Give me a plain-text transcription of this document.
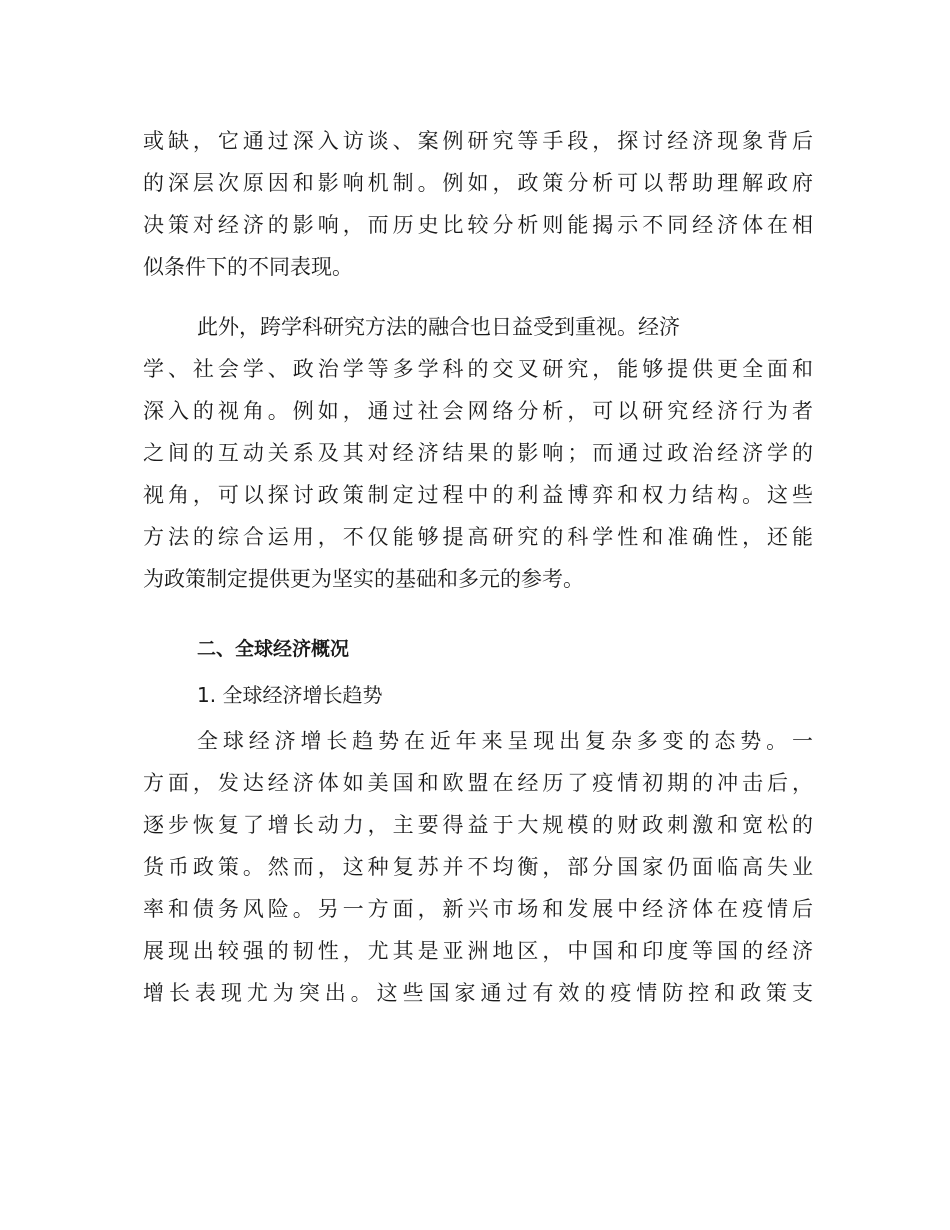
或缺，它通过深入访谈、案例研究等手段，探讨经济现象背后
的深层次原因和影响机制。例如，政策分析可以帮助理解政府
决策对经济的影响，而历史比较分析则能揭示不同经济体在相
似条件下的不同表现。
此外，跨学科研究方法的融合也日益受到重视。经济
学、社会学、政治学等多学科的交叉研究，能够提供更全面和
深入的视角。例如，通过社会网络分析，可以研究经济行为者
之间的互动关系及其对经济结果的影响；而通过政治经济学的
视角，可以探讨政策制定过程中的利益博弈和权力结构。这些
方法的综合运用，不仅能够提高研究的科学性和准确性，还能
为政策制定提供更为坚实的基础和多元的参考。
二、全球经济概况
1. 全球经济增长趋势
全球经济增长趋势在近年来呈现出复杂多变的态势。一
方面，发达经济体如美国和欧盟在经历了疫情初期的冲击后，
逐步恢复了增长动力，主要得益于大规模的财政刺激和宽松的
货币政策。然而，这种复苏并不均衡，部分国家仍面临高失业
率和债务风险。另一方面，新兴市场和发展中经济体在疫情后
展现出较强的韧性，尤其是亚洲地区，中国和印度等国的经济
增长表现尤为突出。这些国家通过有效的疫情防控和政策支
